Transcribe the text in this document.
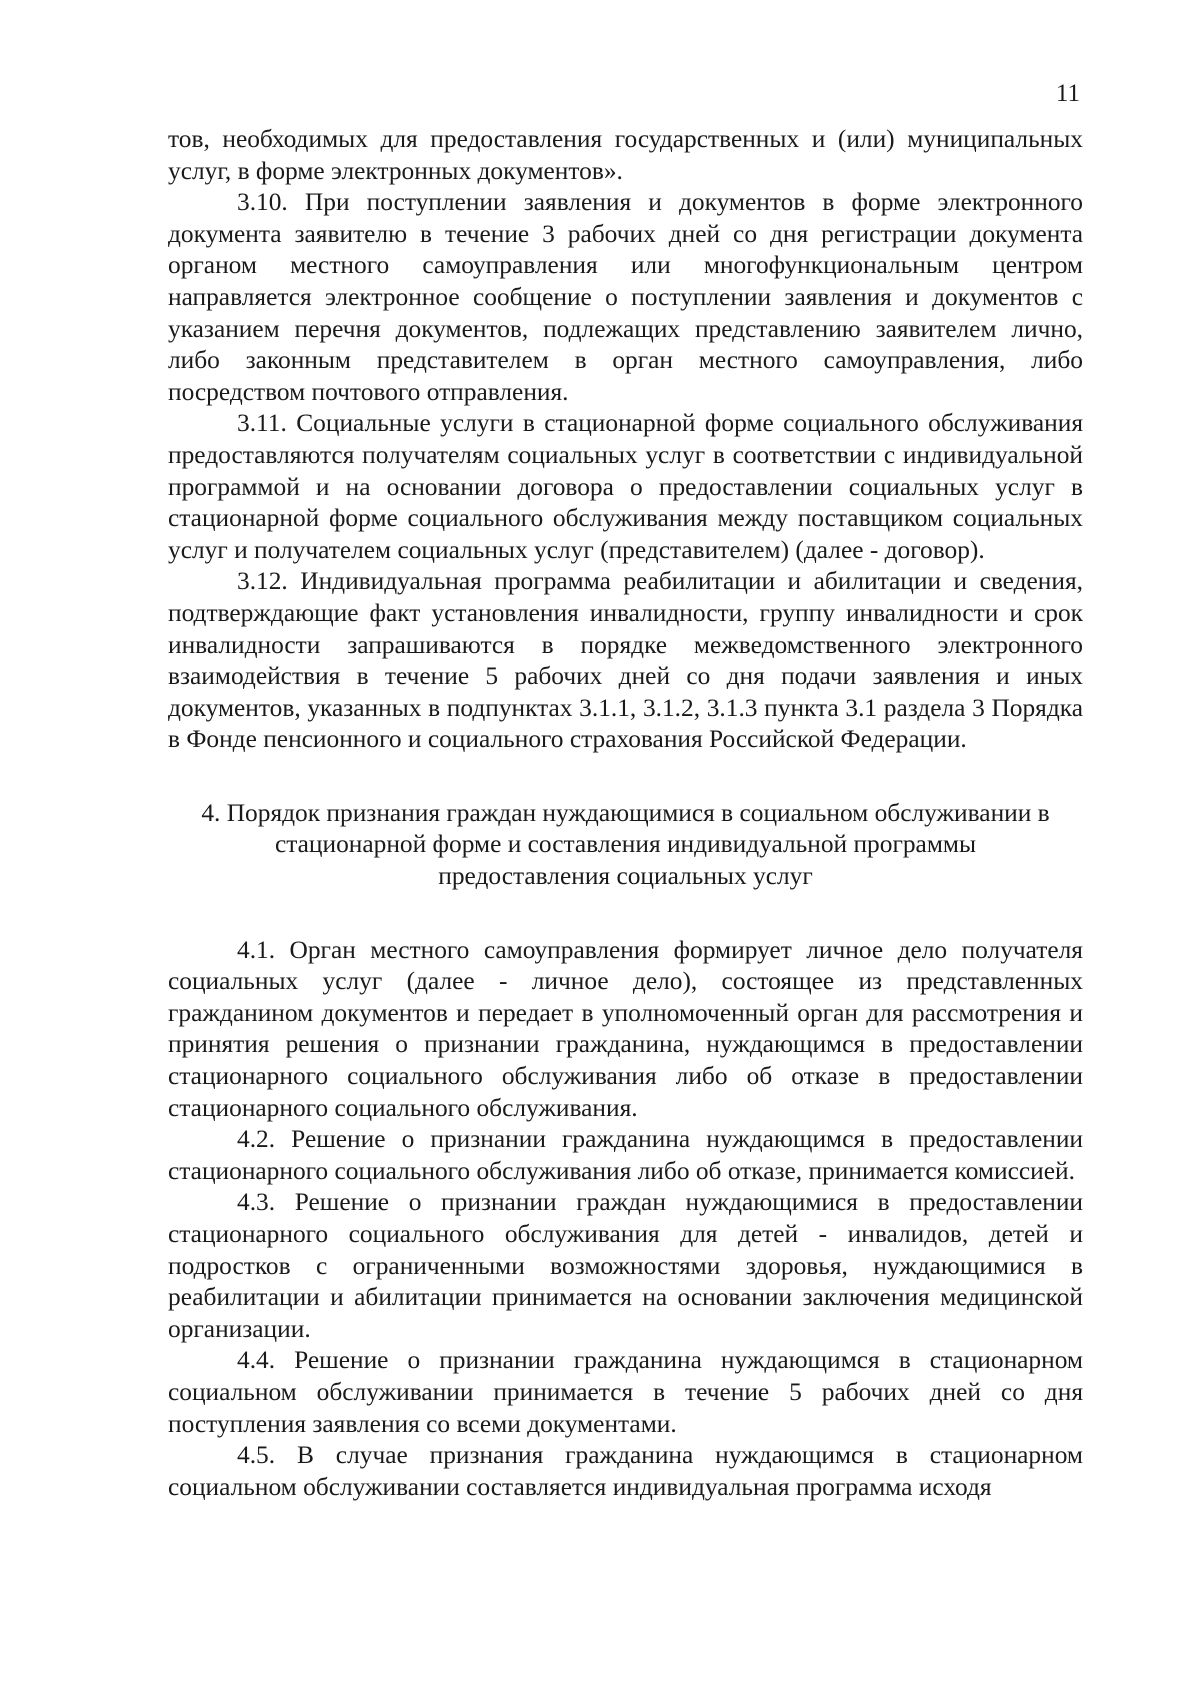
11

тов, необходимых для предоставления государственных и (или) муниципальных услуг, в форме электронных документов».

3.10. При поступлении заявления и документов в форме электронного документа заявителю в течение 3 рабочих дней со дня регистрации документа органом местного самоуправления или многофункциональным центром направляется электронное сообщение о поступлении заявления и документов с указанием перечня документов, подлежащих представлению заявителем лично, либо законным представителем в орган местного самоуправления, либо посредством почтового отправления.

3.11. Социальные услуги в стационарной форме социального обслуживания предоставляются получателям социальных услуг в соответствии с индивидуальной программой и на основании договора о предоставлении социальных услуг в стационарной форме социального обслуживания между поставщиком социальных услуг и получателем социальных услуг (представителем) (далее - договор).

3.12. Индивидуальная программа реабилитации и абилитации и сведения, подтверждающие факт установления инвалидности, группу инвалидности и срок инвалидности запрашиваются в порядке межведомственного электронного взаимодействия в течение 5 рабочих дней со дня подачи заявления и иных документов, указанных в подпунктах 3.1.1, 3.1.2, 3.1.3 пункта 3.1 раздела 3 Порядка в Фонде пенсионного и социального страхования Российской Федерации.

4. Порядок признания граждан нуждающимися в социальном обслуживании в стационарной форме и составления индивидуальной программы предоставления социальных услуг

4.1. Орган местного самоуправления формирует личное дело получателя социальных услуг (далее - личное дело), состоящее из представленных гражданином документов и передает в уполномоченный орган для рассмотрения и принятия решения о признании гражданина, нуждающимся в предоставлении стационарного социального обслуживания либо об отказе в предоставлении стационарного социального обслуживания.

4.2. Решение о признании гражданина нуждающимся в предоставлении стационарного социального обслуживания либо об отказе, принимается комиссией.

4.3. Решение о признании граждан нуждающимися в предоставлении стационарного социального обслуживания для детей - инвалидов, детей и подростков с ограниченными возможностями здоровья, нуждающимися в реабилитации и абилитации принимается на основании заключения медицинской организации.

4.4. Решение о признании гражданина нуждающимся в стационарном социальном обслуживании принимается в течение 5 рабочих дней со дня поступления заявления со всеми документами.

4.5. В случае признания гражданина нуждающимся в стационарном социальном обслуживании составляется индивидуальная программа исходя
